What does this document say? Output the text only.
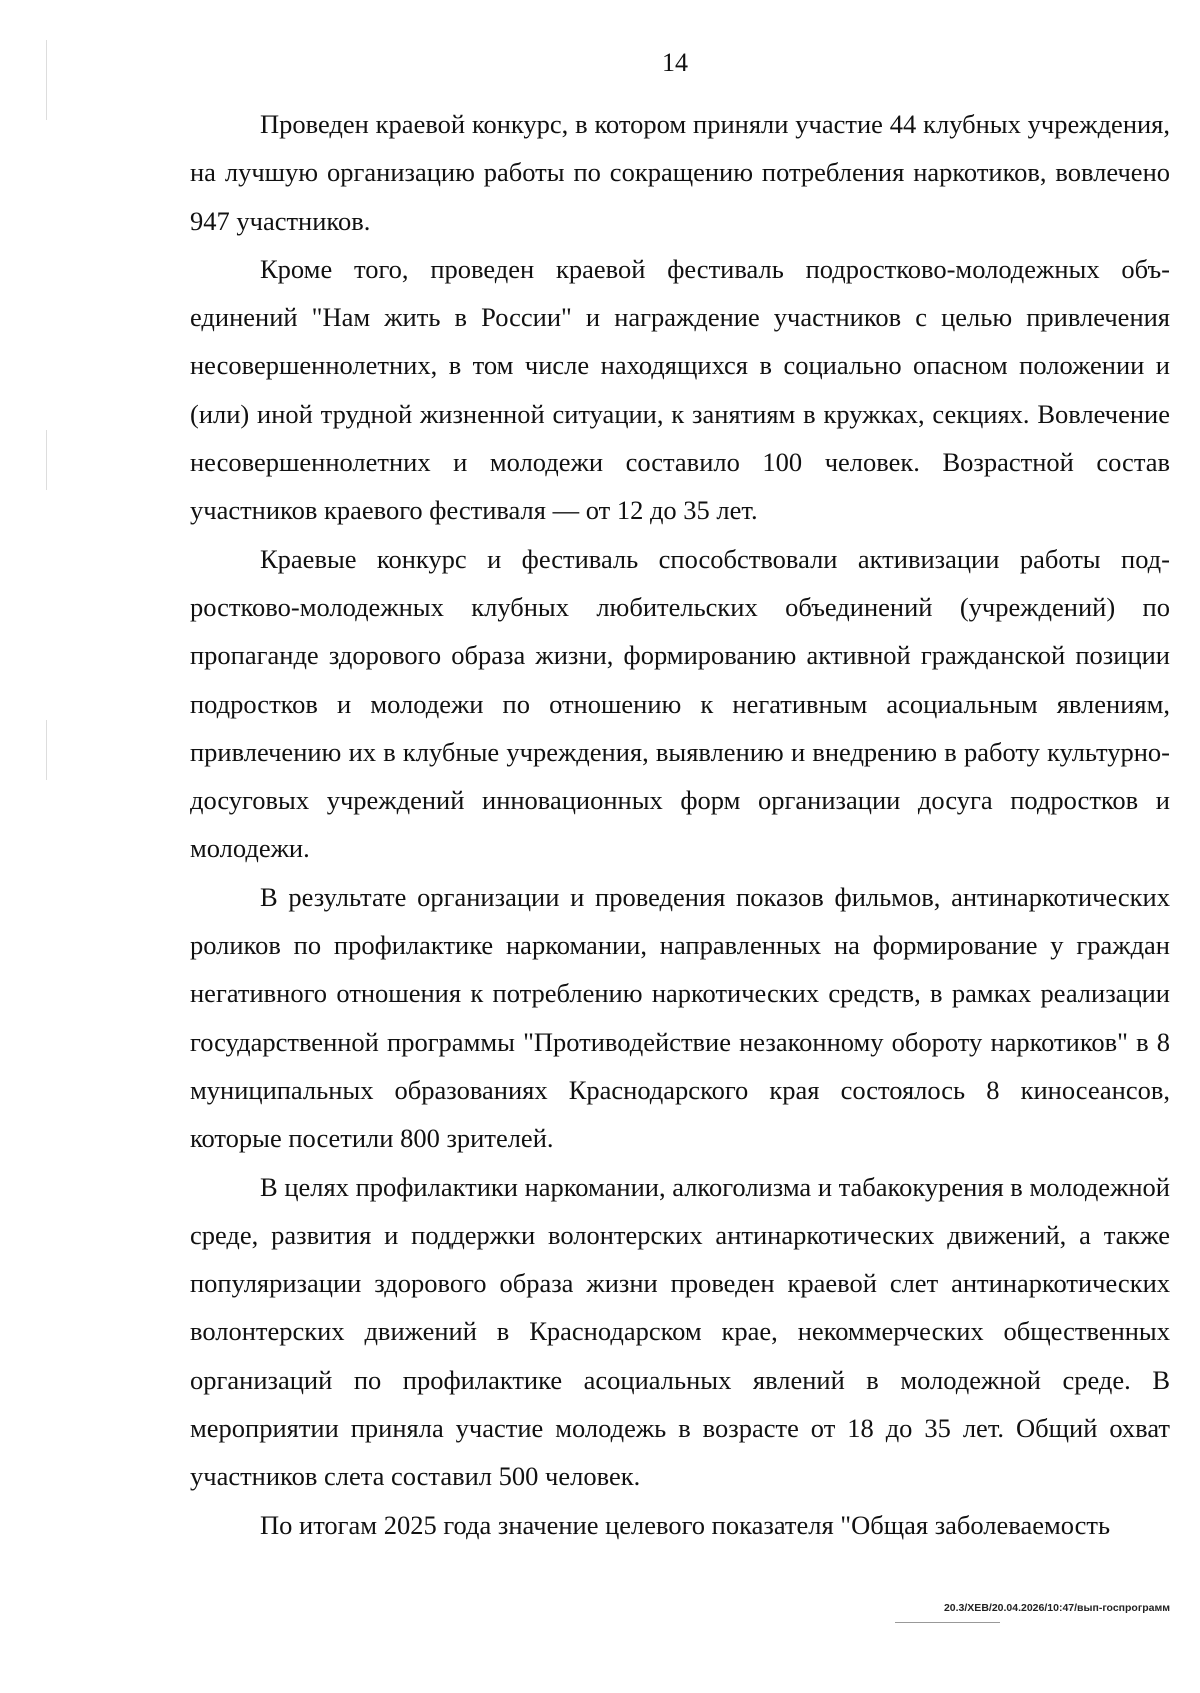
14

Проведен краевой конкурс, в котором приняли участие 44 клубных учреждения, на лучшую организацию работы по сокращению потребления наркотиков, вовлечено 947 участников.

Кроме того, проведен краевой фестиваль подростково-молодежных объединений "Нам жить в России" и награждение участников с целью привлечения несовершеннолетних, в том числе находящихся в социально опасном положении и (или) иной трудной жизненной ситуации, к занятиям в кружках, секциях. Вовлечение несовершеннолетних и молодежи составило 100 человек. Возрастной состав участников краевого фестиваля — от 12 до 35 лет.

Краевые конкурс и фестиваль способствовали активизации работы подростково-молодежных клубных любительских объединений (учреждений) по пропаганде здорового образа жизни, формированию активной гражданской позиции подростков и молодежи по отношению к негативным асоциальным явлениям, привлечению их в клубные учреждения, выявлению и внедрению в работу культурно-досуговых учреждений инновационных форм организации досуга подростков и молодежи.

В результате организации и проведения показов фильмов, антинаркотических роликов по профилактике наркомании, направленных на формирование у граждан негативного отношения к потреблению наркотических средств, в рамках реализации государственной программы "Противодействие незаконному обороту наркотиков" в 8 муниципальных образованиях Краснодарского края состоялось 8 киносеансов, которые посетили 800 зрителей.

В целях профилактики наркомании, алкоголизма и табакокурения в молодежной среде, развития и поддержки волонтерских антинаркотических движений, а также популяризации здорового образа жизни проведен краевой слет антинаркотических волонтерских движений в Краснодарском крае, некоммерческих общественных организаций по профилактике асоциальных явлений в молодежной среде. В мероприятии приняла участие молодежь в возрасте от 18 до 35 лет. Общий охват участников слета составил 500 человек.

По итогам 2025 года значение целевого показателя "Общая заболеваемость

20.3/ХЕВ/20.04.2026/10:47/вып-госпрограмм
